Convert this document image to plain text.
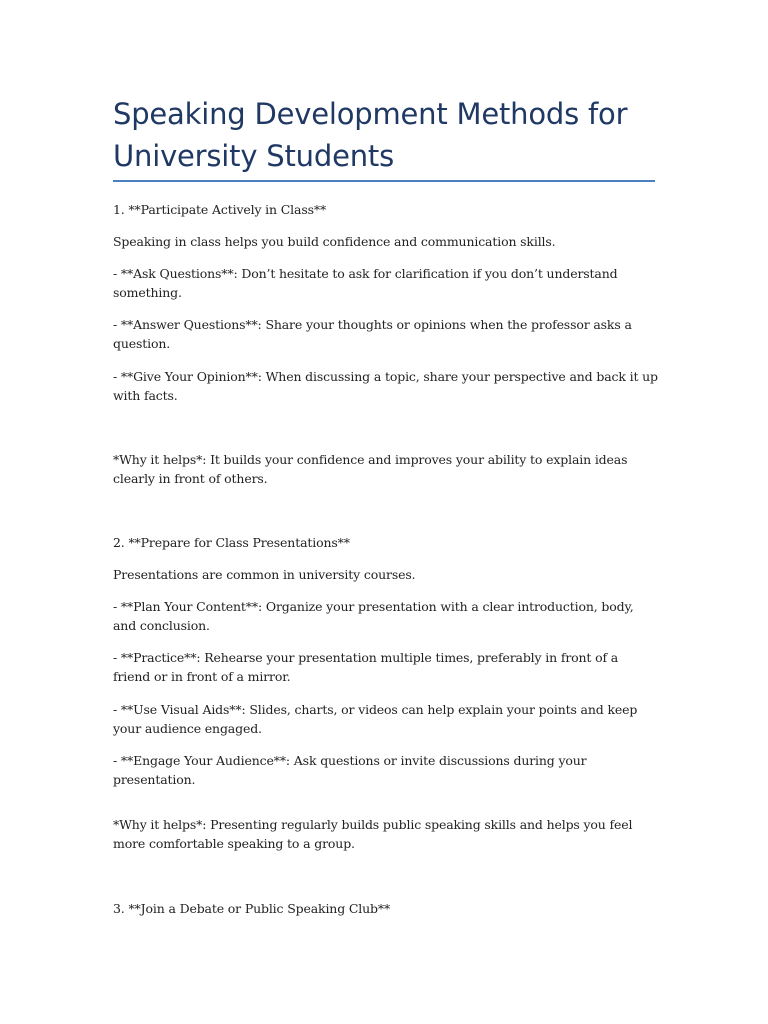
Speaking Development Methods for University Students

1. **Participate Actively in Class**

Speaking in class helps you build confidence and communication skills.

- **Ask Questions**: Don’t hesitate to ask for clarification if you don’t understand something.

- **Answer Questions**: Share your thoughts or opinions when the professor asks a question.

- **Give Your Opinion**: When discussing a topic, share your perspective and back it up with facts.

*Why it helps*: It builds your confidence and improves your ability to explain ideas clearly in front of others.

2. **Prepare for Class Presentations**

Presentations are common in university courses.

- **Plan Your Content**: Organize your presentation with a clear introduction, body, and conclusion.

- **Practice**: Rehearse your presentation multiple times, preferably in front of a friend or in front of a mirror.

- **Use Visual Aids**: Slides, charts, or videos can help explain your points and keep your audience engaged.

- **Engage Your Audience**: Ask questions or invite discussions during your presentation.

*Why it helps*: Presenting regularly builds public speaking skills and helps you feel more comfortable speaking to a group.

3. **Join a Debate or Public Speaking Club**
